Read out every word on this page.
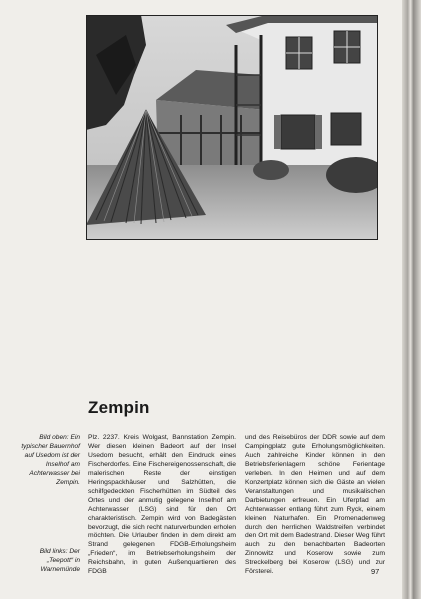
Zempin
Bild oben: Ein typischer Bauernhof auf Usedom ist der Inselhof am Achterwasser bei Zempin.
Bild links: Der „Teepott“ in Warnemünde
Plz. 2237. Kreis Wolgast, Bannstation Zempin. Wer diesen kleinen Badeort auf der Insel Usedom besucht, erhält den Eindruck eines Fischerdorfes. Eine Fischereigenossenschaft, die malerischen Reste der einstigen Heringspackhäuser und Salzhütten, die schilfgedeckten Fischerhütten im Südteil des Ortes und der anmutig gelegene Inselhof am Achterwasser (LSG) sind für den Ort charakteristisch. Zempin wird von Badegästen bevorzugt, die sich recht naturverbunden erholen möchten. Die Urlauber finden in dem direkt am Strand gelegenen FDGB-Erholungsheim „Frieden“, im Betriebserholungsheim der Reichsbahn, in guten Außenquartieren des FDGB
und des Reisebüros der DDR sowie auf dem Campingplatz gute Erholungsmöglichkeiten. Auch zahlreiche Kinder können in den Betriebsferienlagern schöne Ferientage verleben. In den Heimen und auf dem Konzertplatz können sich die Gäste an vielen Veranstaltungen und musikalischen Darbietungen erfreuen. Ein Uferpfad am Achterwasser entlang führt zum Ryck, einem kleinen Naturhafen. Ein Promenadenweg durch den herrlichen Waldstreifen verbindet den Ort mit dem Badestrand. Dieser Weg führt auch zu den benachbarten Badeorten Zinnowitz und Koserow sowie zum Streckelberg bei Koserow (LSG) und zur Försterei.	97
